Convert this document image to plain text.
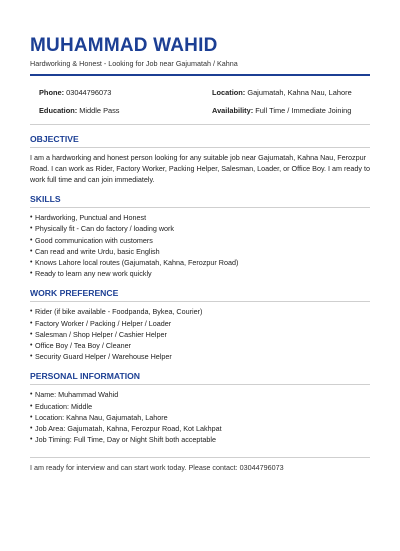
MUHAMMAD WAHID
Hardworking & Honest - Looking for Job near Gajumatah / Kahna
Phone: 03044796073	Location: Gajumatah, Kahna Nau, Lahore
Education: Middle Pass	Availability: Full Time / Immediate Joining
OBJECTIVE
I am a hardworking and honest person looking for any suitable job near Gajumatah, Kahna Nau, Ferozpur Road. I can work as Rider, Factory Worker, Packing Helper, Salesman, Loader, or Office Boy. I am ready to work full time and can join immediately.
SKILLS
• Hardworking, Punctual and Honest
• Physically fit - Can do factory / loading work
• Good communication with customers
• Can read and write Urdu, basic English
• Knows Lahore local routes (Gajumatah, Kahna, Ferozpur Road)
• Ready to learn any new work quickly
WORK PREFERENCE
• Rider (if bike available - Foodpanda, Bykea, Courier)
• Factory Worker / Packing / Helper / Loader
• Salesman / Shop Helper / Cashier Helper
• Office Boy / Tea Boy / Cleaner
• Security Guard Helper / Warehouse Helper
PERSONAL INFORMATION
• Name: Muhammad Wahid
• Education: Middle
• Location: Kahna Nau, Gajumatah, Lahore
• Job Area: Gajumatah, Kahna, Ferozpur Road, Kot Lakhpat
• Job Timing: Full Time, Day or Night Shift both acceptable
I am ready for interview and can start work today. Please contact: 03044796073
